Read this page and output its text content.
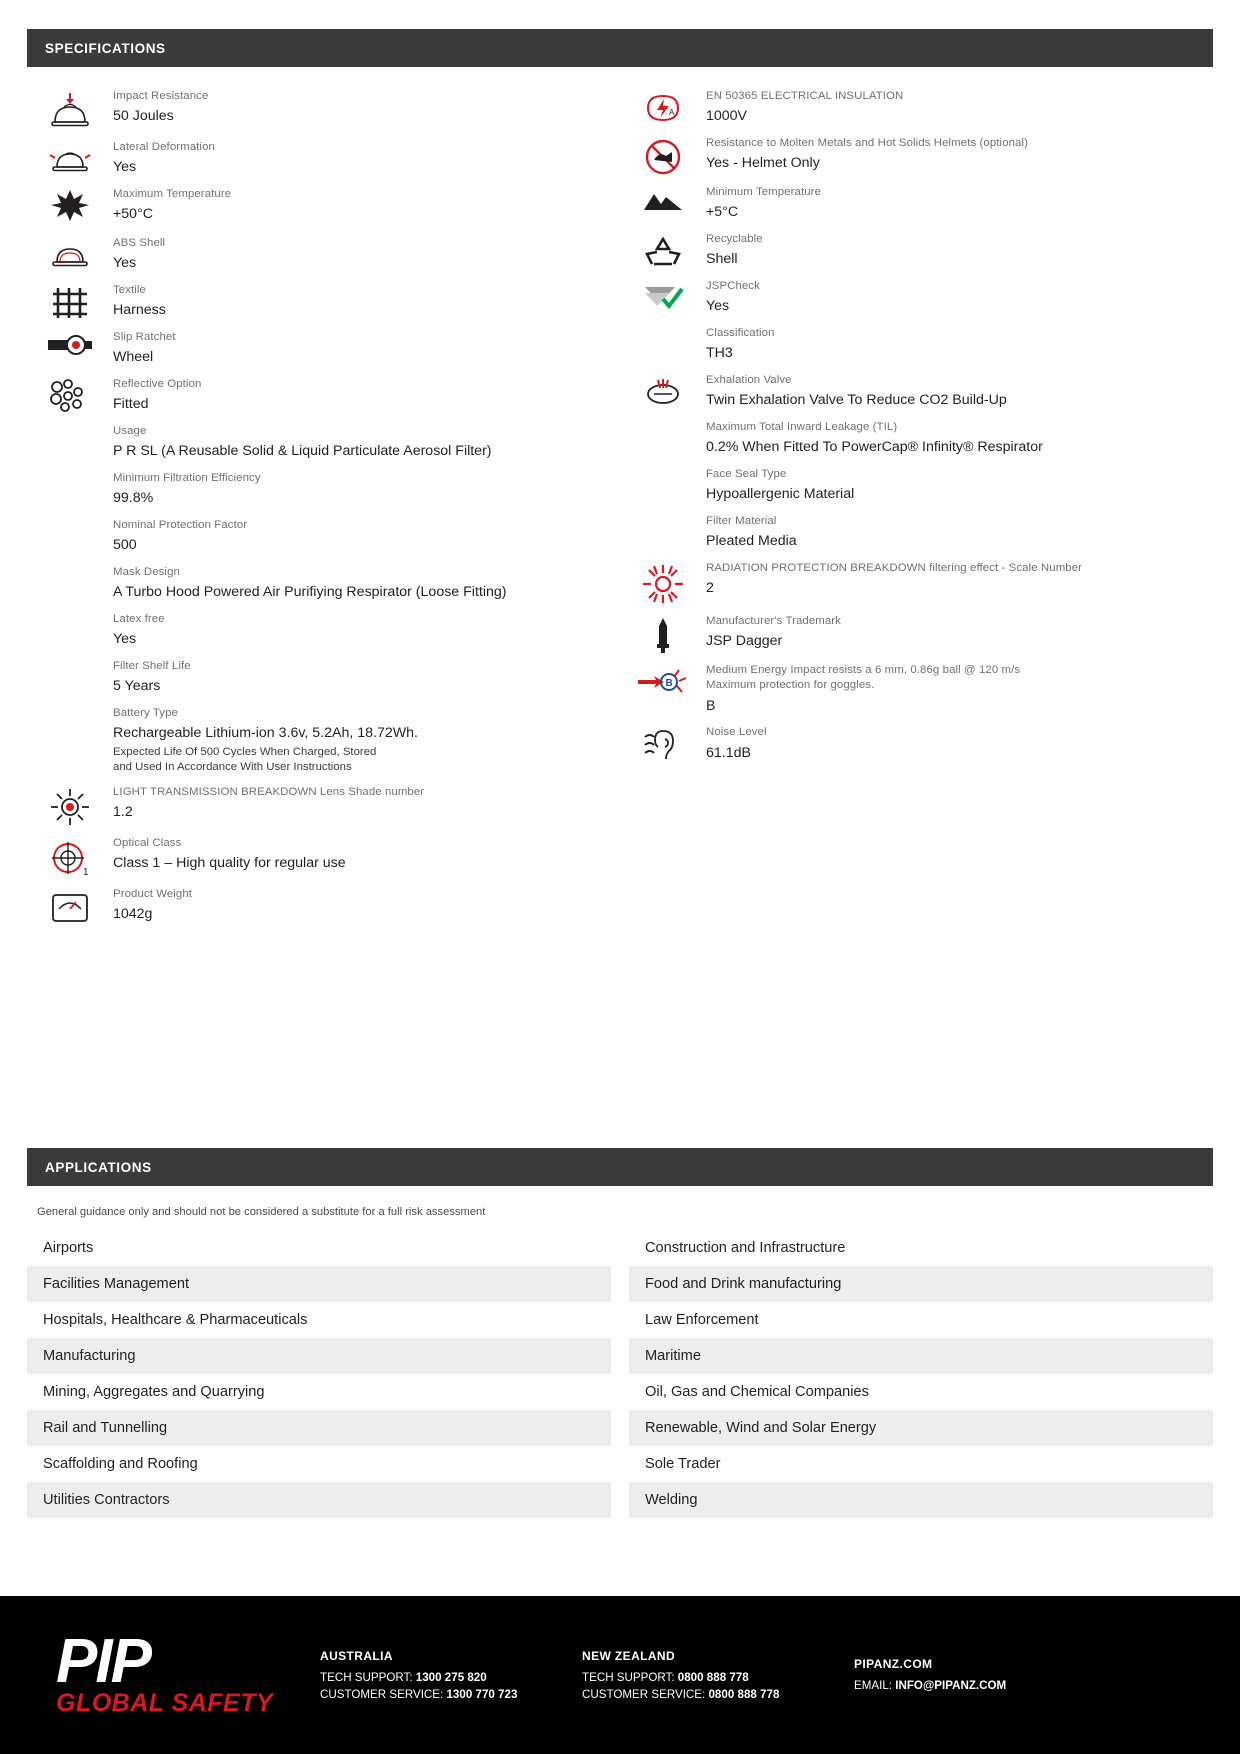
SPECIFICATIONS
Impact Resistance
50 Joules
Lateral Deformation
Yes
Maximum Temperature
+50°C
ABS Shell
Yes
Textile
Harness
Slip Ratchet
Wheel
Reflective Option
Fitted
Usage
P R SL (A Reusable Solid & Liquid Particulate Aerosol Filter)
Minimum Filtration Efficiency
99.8%
Nominal Protection Factor
500
Mask Design
A Turbo Hood Powered Air Purifiying Respirator (Loose Fitting)
Latex free
Yes
Filter Shelf Life
5 Years
Battery Type
Rechargeable Lithium-ion 3.6v, 5.2Ah, 18.72Wh.
Expected Life Of 500 Cycles When Charged, Stored
and Used In Accordance With User Instructions
LIGHT TRANSMISSION BREAKDOWN Lens Shade number
1.2
1
Optical Class
Class 1 – High quality for regular use
Product Weight
1042g
A
EN 50365 ELECTRICAL INSULATION
1000V
Resistance to Molten Metals and Hot Solids Helmets (optional)
Yes - Helmet Only
Minimum Temperature
+5°C
Recyclable
Shell
JSPCheck
Yes
Classification
TH3
Exhalation Valve
Twin Exhalation Valve To Reduce CO2 Build-Up
Maximum Total Inward Leakage (TIL)
0.2% When Fitted To PowerCap® Infinity® Respirator
Face Seal Type
Hypoallergenic Material
Filter Material
Pleated Media
RADIATION PROTECTION BREAKDOWN filtering effect - Scale Number
2
Manufacturer's Trademark
JSP Dagger
B
Medium Energy Impact resists a 6 mm, 0.86g ball @ 120 m/s
Maximum protection for goggles.
B
Noise Level
61.1dB
APPLICATIONS
General guidance only and should not be considered a substitute for a full risk assessment
Airports
Facilities Management
Hospitals, Healthcare & Pharmaceuticals
Manufacturing
Mining, Aggregates and Quarrying
Rail and Tunnelling
Scaffolding and Roofing
Utilities Contractors
Construction and Infrastructure
Food and Drink manufacturing
Law Enforcement
Maritime
Oil, Gas and Chemical Companies
Renewable, Wind and Solar Energy
Sole Trader
Welding
PIP
GLOBAL SAFETY
AUSTRALIA
TECH SUPPORT: 1300 275 820
CUSTOMER SERVICE: 1300 770 723
NEW ZEALAND
TECH SUPPORT: 0800 888 778
CUSTOMER SERVICE: 0800 888 778
PIPANZ.COM
EMAIL: INFO@PIPANZ.COM
